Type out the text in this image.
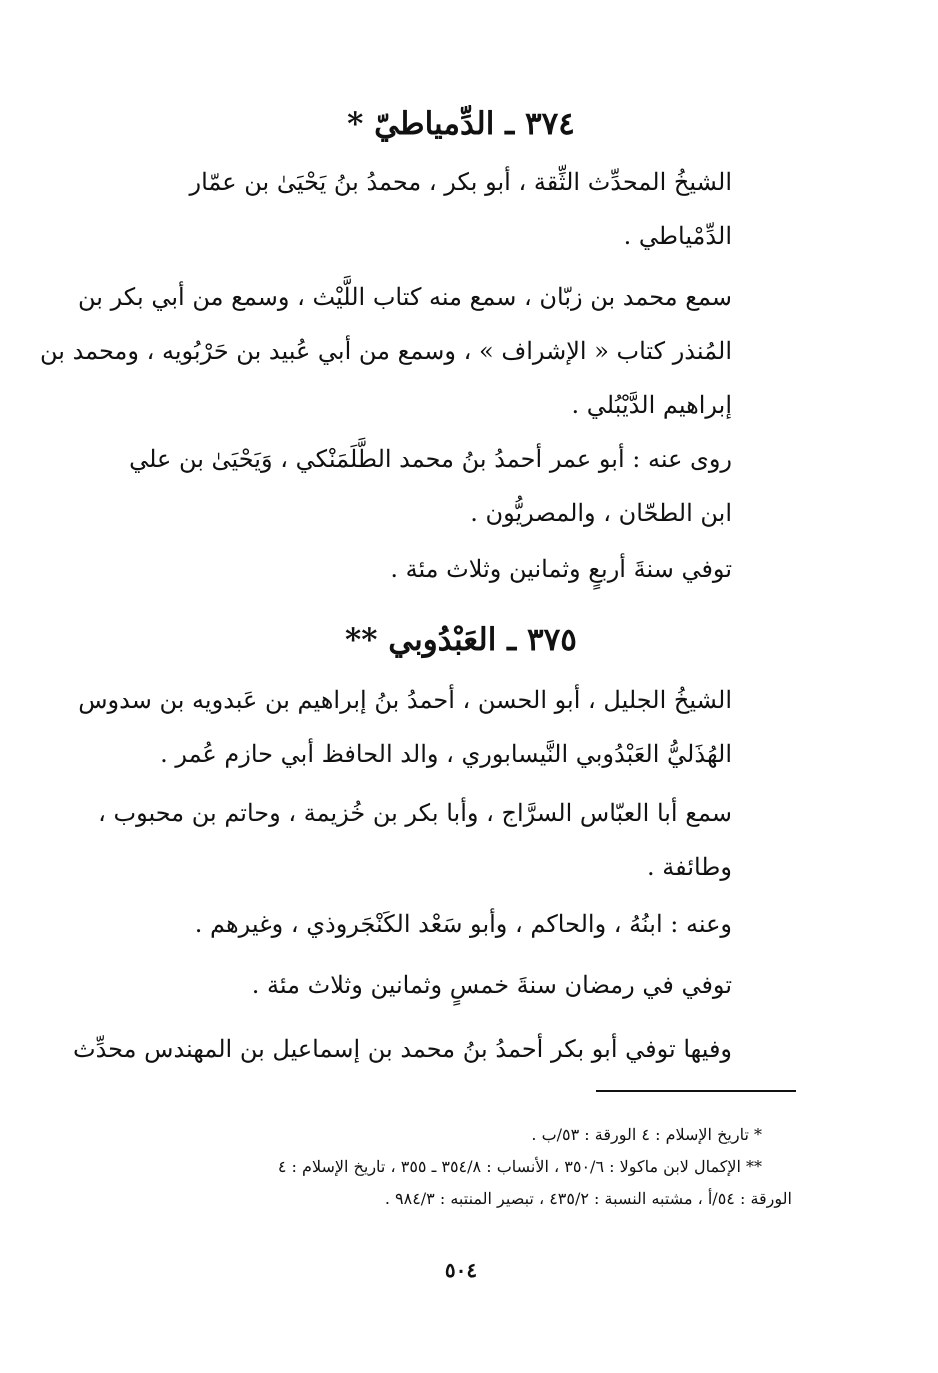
٣٧٤ ـ الدِّمياطيّ *
الشيخُ المحدِّث الثِّقة ، أبو بكر ، محمدُ بنُ يَحْيَىٰ بن عمّار
الدِّمْياطي .
سمع محمد بن زبّان ، سمع منه كتاب اللَّيْث ، وسمع من أبي بكر بن
المُنذر كتاب « الإشراف » ، وسمع من أبي عُبيد بن حَرْبُويه ، ومحمد بن
إبراهيم الدَّيْبُلي .
روى عنه : أبو عمر أحمدُ بنُ محمد الطَّلَمَنْكي ، وَيَحْيَىٰ بن علي
ابن الطحّان ، والمصريُّون .
توفي سنةَ أربعٍ وثمانين وثلاث مئة .
٣٧٥ ـ العَبْدُوبي **
الشيخُ الجليل ، أبو الحسن ، أحمدُ بنُ إبراهيم بن عَبدويه بن سدوس
الهُذَليُّ العَبْدُوبي النَّيسابوري ، والد الحافظ أبي حازم عُمر .
سمع أبا العبّاس السرَّاج ، وأبا بكر بن خُزيمة ، وحاتم بن محبوب ،
وطائفة .
وعنه : ابنُهُ ، والحاكم ، وأبو سَعْد الكَنْجَروذي ، وغيرهم .
توفي في رمضان سنةَ خمسٍ وثمانين وثلاث مئة .
وفيها توفي أبو بكر أحمدُ بنُ محمد بن إسماعيل بن المهندس محدِّث
* تاريخ الإسلام : ٤ الورقة : ٥٣/ب .
** الإكمال لابن ماكولا : ٣٥٠/٦ ، الأنساب : ٣٥٤/٨ ـ ٣٥٥ ، تاريخ الإسلام : ٤
الورقة : ٥٤/أ ، مشتبه النسبة : ٤٣٥/٢ ، تبصير المنتبه : ٩٨٤/٣ .
٥٠٤
